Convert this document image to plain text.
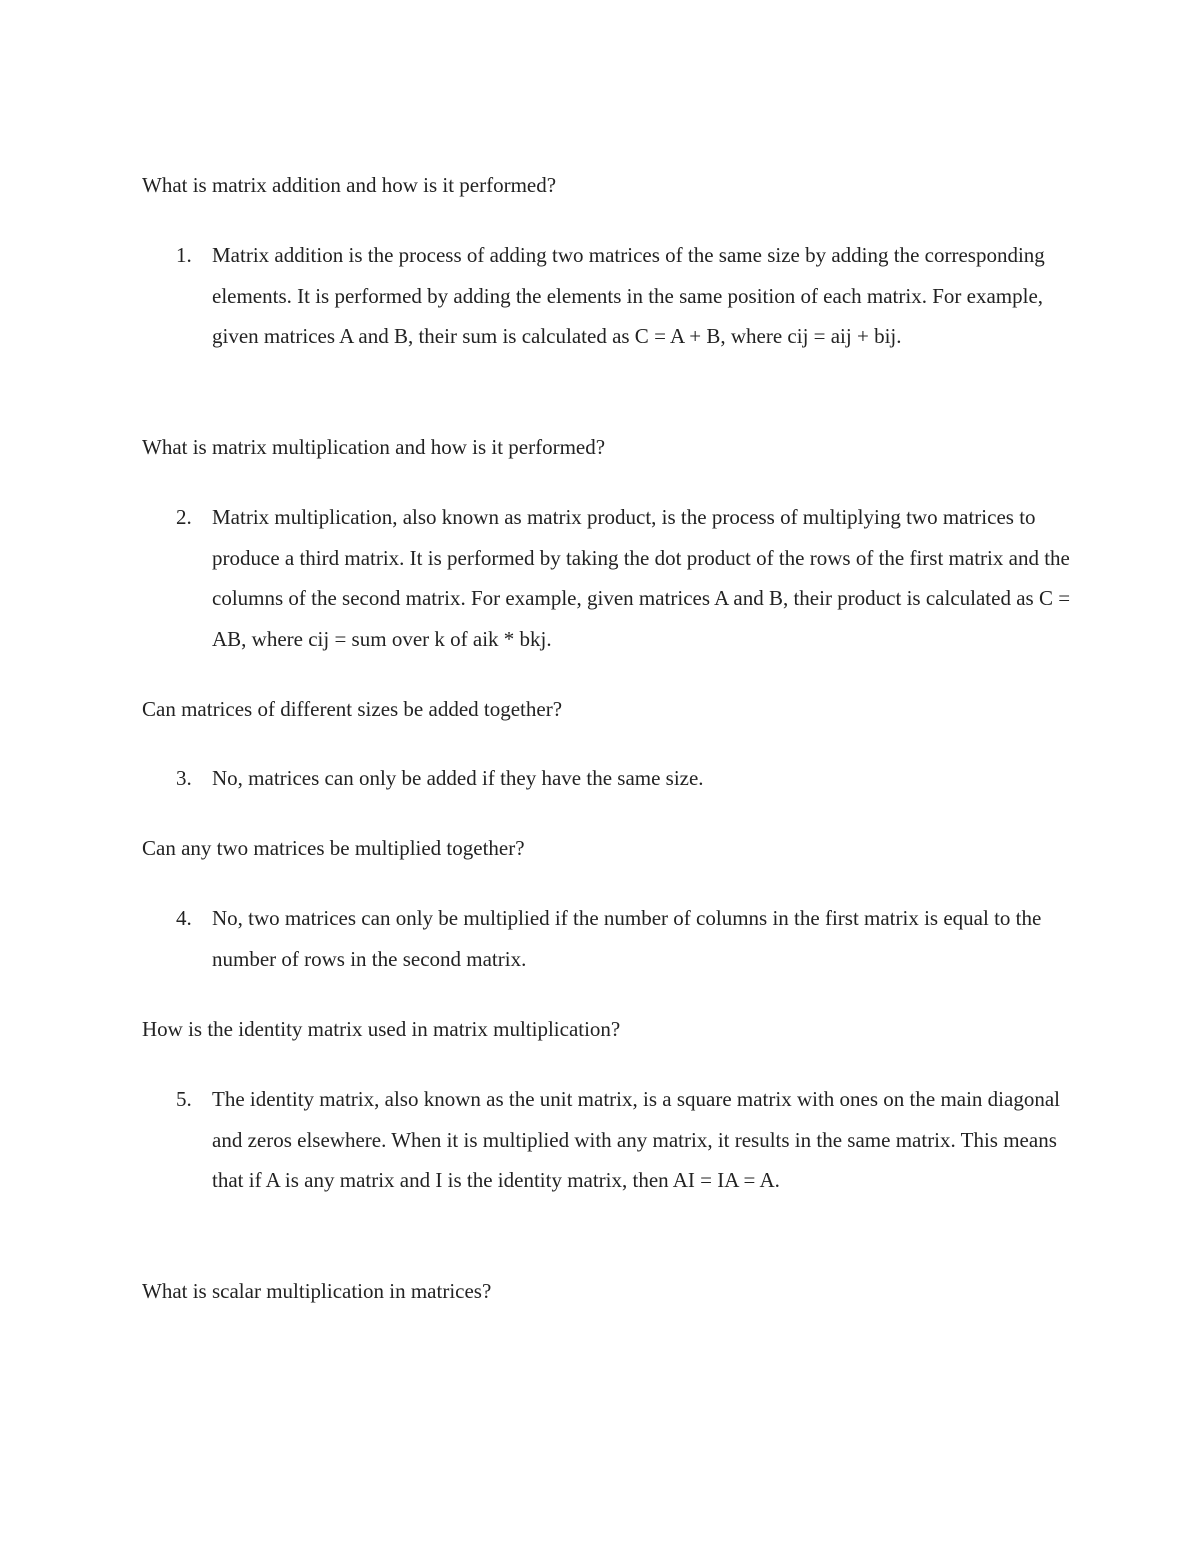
What is matrix addition and how is it performed?

1. Matrix addition is the process of adding two matrices of the same size by adding the corresponding elements. It is performed by adding the elements in the same position of each matrix. For example, given matrices A and B, their sum is calculated as C = A + B, where cij = aij + bij.

What is matrix multiplication and how is it performed?

2. Matrix multiplication, also known as matrix product, is the process of multiplying two matrices to produce a third matrix. It is performed by taking the dot product of the rows of the first matrix and the columns of the second matrix. For example, given matrices A and B, their product is calculated as C = AB, where cij = sum over k of aik * bkj.

Can matrices of different sizes be added together?

3. No, matrices can only be added if they have the same size.

Can any two matrices be multiplied together?

4. No, two matrices can only be multiplied if the number of columns in the first matrix is equal to the number of rows in the second matrix.

How is the identity matrix used in matrix multiplication?

5. The identity matrix, also known as the unit matrix, is a square matrix with ones on the main diagonal and zeros elsewhere. When it is multiplied with any matrix, it results in the same matrix. This means that if A is any matrix and I is the identity matrix, then AI = IA = A.

What is scalar multiplication in matrices?
